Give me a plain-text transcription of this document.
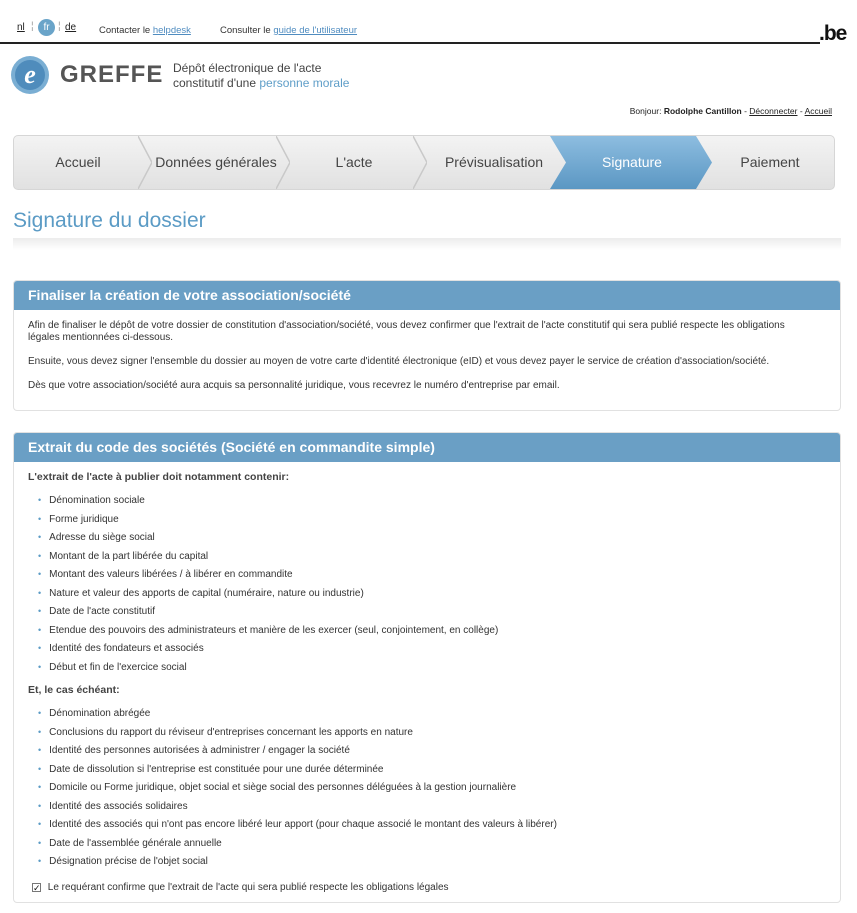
nl ¦ fr ¦ de Contacter le helpdesk	Consulter le guide de l'utilisateur	.be
e GREFFE Dépôt électronique de l'acte
constitutif d'une personne morale
Bonjour: Rodolphe Cantillon - Déconnecter - Accueil
Accueil	Données générales	L'acte	Prévisualisation	Signature	Paiement
Signature du dossier
Finaliser la création de votre association/société

Afin de finaliser le dépôt de votre dossier de constitution d'association/société, vous devez confirmer que l'extrait de l'acte constitutif qui sera publié respecte les obligations légales mentionnées ci-dessous.

Ensuite, vous devez signer l'ensemble du dossier au moyen de votre carte d'identité électronique (eID) et vous devez payer le service de création d'association/société.

Dès que votre association/société aura acquis sa personnalité juridique, vous recevrez le numéro d'entreprise par email.

Extrait du code des sociétés (Société en commandite simple)
L'extrait de l'acte à publier doit notamment contenir:
• Dénomination sociale
• Forme juridique
• Adresse du siège social
• Montant de la part libérée du capital
• Montant des valeurs libérées / à libérer en commandite
• Nature et valeur des apports de capital (numéraire, nature ou industrie)
• Date de l'acte constitutif
• Etendue des pouvoirs des administrateurs et manière de les exercer (seul, conjointement, en collège)
• Identité des fondateurs et associés
• Début et fin de l'exercice social
Et, le cas échéant:
• Dénomination abrégée
• Conclusions du rapport du réviseur d'entreprises concernant les apports en nature
• Identité des personnes autorisées à administrer / engager la société
• Date de dissolution si l'entreprise est constituée pour une durée déterminée
• Domicile ou Forme juridique, objet social et siège social des personnes déléguées à la gestion journalière
• Identité des associés solidaires
• Identité des associés qui n'ont pas encore libéré leur apport (pour chaque associé le montant des valeurs à libérer)
• Date de l'assemblée générale annuelle
• Désignation précise de l'objet social
✓ Le requérant confirme que l'extrait de l'acte qui sera publié respecte les obligations légales
